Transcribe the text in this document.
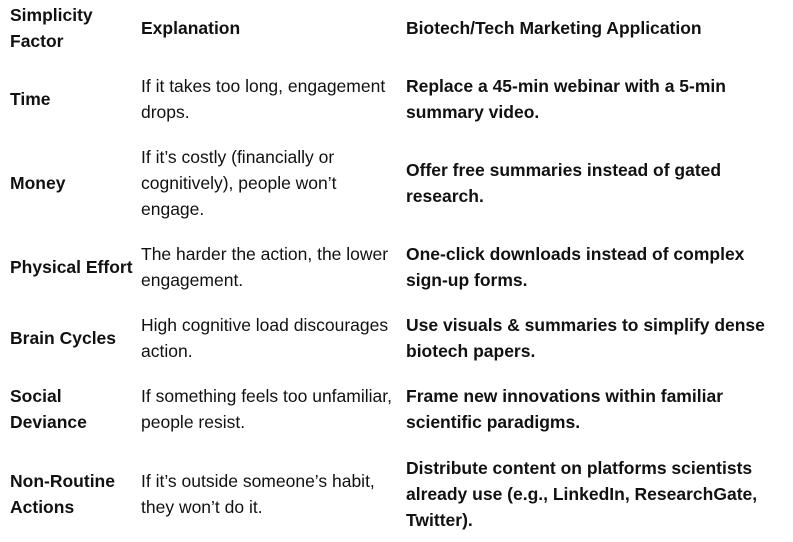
Simplicity Factor
Explanation	Biotech/Tech Marketing Application
Time
If it takes too long, engagement drops.
Replace a 45-min webinar with a 5-min summary video.
Money
If it’s costly (financially or cognitively), people won’t engage.
Offer free summaries instead of gated research.
Physical Effort
The harder the action, the lower engagement.
One-click downloads instead of complex sign-up forms.
Brain Cycles
High cognitive load discourages action.
Use visuals & summaries to simplify dense biotech papers.
Social Deviance
If something feels too unfamiliar, people resist.
Frame new innovations within familiar scientific paradigms.
Non-Routine Actions
If it’s outside someone’s habit, they won’t do it.
Distribute content on platforms scientists already use (e.g., LinkedIn, ResearchGate, Twitter).
